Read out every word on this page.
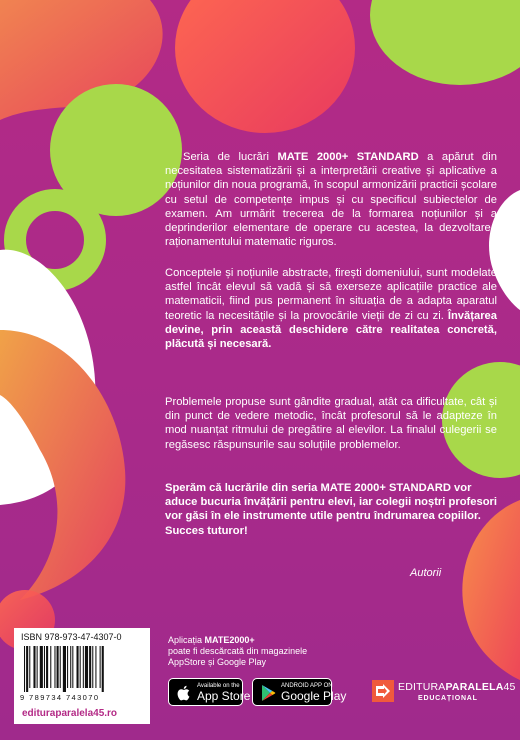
Seria de lucrări MATE 2000+ STANDARD a apărut din necesitatea sistematizării și a interpretării creative și aplicative a noțiunilor din noua programă, în scopul armonizării practicii școlare cu setul de competențe impus și cu specificul subiectelor de examen. Am urmărit trecerea de la formarea noțiunilor și a deprinderilor elementare de operare cu acestea, la dezvoltarea raționamentului matematic riguros.

Conceptele și noțiunile abstracte, firești domeniului, sunt modelate astfel încât elevul să vadă și să exerseze aplicațiile practice ale matematicii, fiind pus permanent în situația de a adapta aparatul teoretic la necesitățile și la provocările vieții de zi cu zi. Învățarea devine, prin această deschidere către realitatea concretă, plăcută și necesară.

Problemele propuse sunt gândite gradual, atât ca dificultate, cât și din punct de vedere metodic, încât profesorul să le adapteze în mod nuanțat ritmului de pregătire al elevilor. La finalul culegerii se regăsesc răspunsurile sau soluțiile problemelor.

Sperăm că lucrările din seria MATE 2000+ STANDARD vor aduce bucuria învățării pentru elevi, iar colegii noștri profesori vor găsi în ele instrumente utile pentru îndrumarea copiilor. Succes tuturor!

Autorii
ISBN 978-973-47-4307-0
9 789734 743070
edituraparalela45.ro
Aplicația MATE2000+
poate fi descărcată din magazinele
AppStore și Google Play
Available on the
App Store
ANDROID APP ON
Google Play
EDITURAPARALELA45
EDUCAȚIONAL
